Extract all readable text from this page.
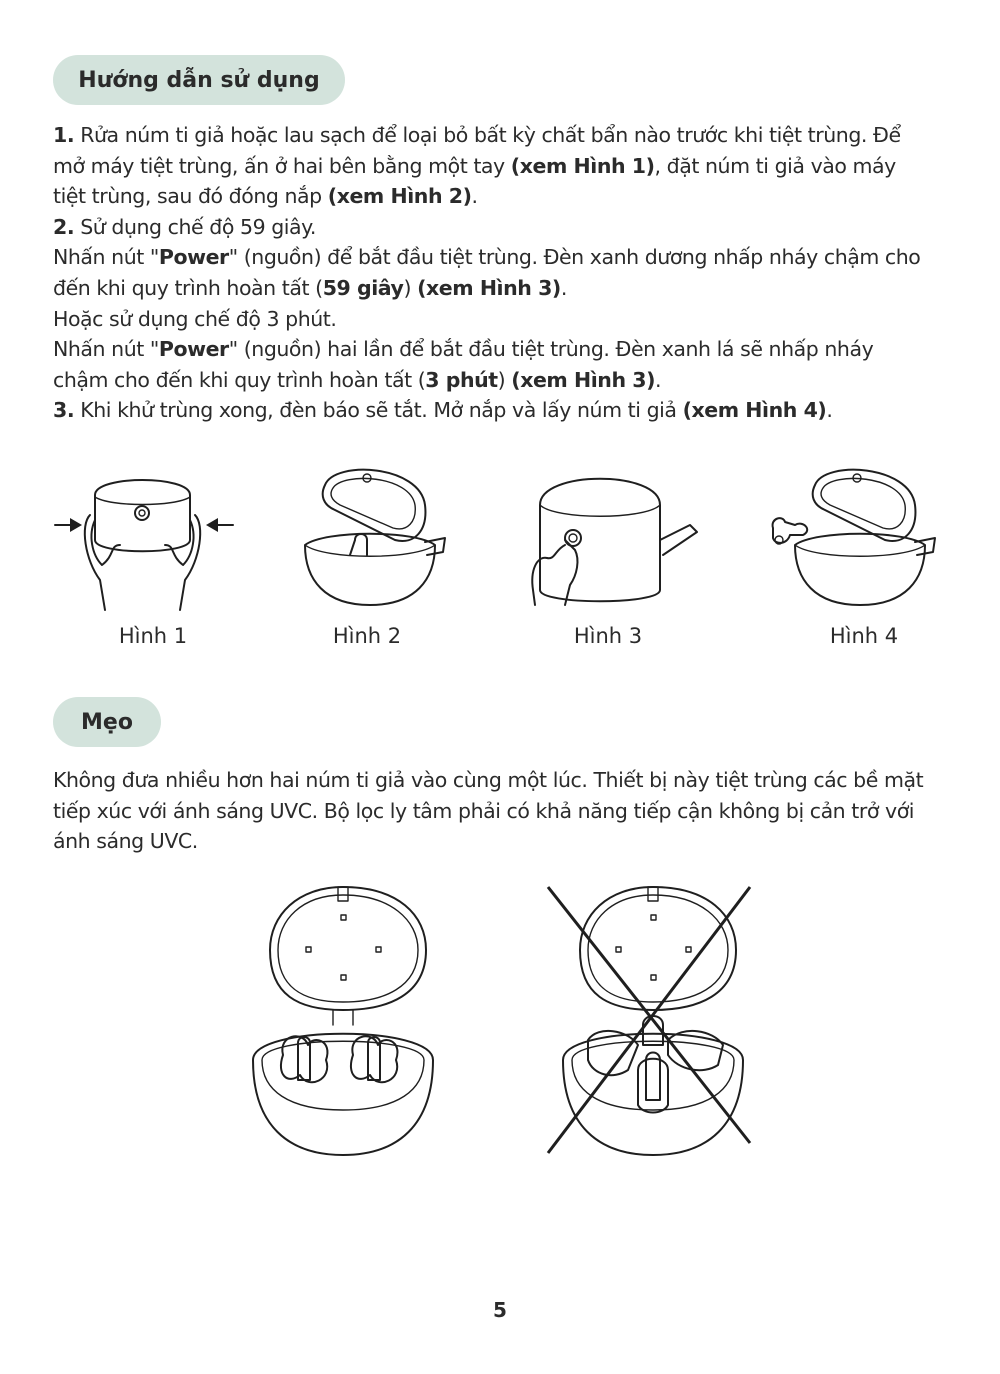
Hướng dẫn sử dụng

1. Rửa núm ti giả hoặc lau sạch để loại bỏ bất kỳ chất bẩn nào trước khi tiệt trùng. Để mở máy tiệt trùng, ấn ở hai bên bằng một tay (xem Hình 1), đặt núm ti giả vào máy tiệt trùng, sau đó đóng nắp (xem Hình 2).

2. Sử dụng chế độ 59 giây.

Nhấn nút "Power" (nguồn) để bắt đầu tiệt trùng. Đèn xanh dương nhấp nháy chậm cho đến khi quy trình hoàn tất (59 giây) (xem Hình 3).

Hoặc sử dụng chế độ 3 phút.

Nhấn nút "Power" (nguồn) hai lần để bắt đầu tiệt trùng. Đèn xanh lá sẽ nhấp nháy chậm cho đến khi quy trình hoàn tất (3 phút) (xem Hình 3).

3. Khi khử trùng xong, đèn báo sẽ tắt. Mở nắp và lấy núm ti giả (xem Hình 4).

Hình 1	Hình 2	Hình 3	Hình 4
Mẹo
Không đưa nhiều hơn hai núm ti giả vào cùng một lúc. Thiết bị này tiệt trùng các bề mặt tiếp xúc với ánh sáng UVC. Bộ lọc ly tâm phải có khả năng tiếp cận không bị cản trở với ánh sáng UVC.
5
